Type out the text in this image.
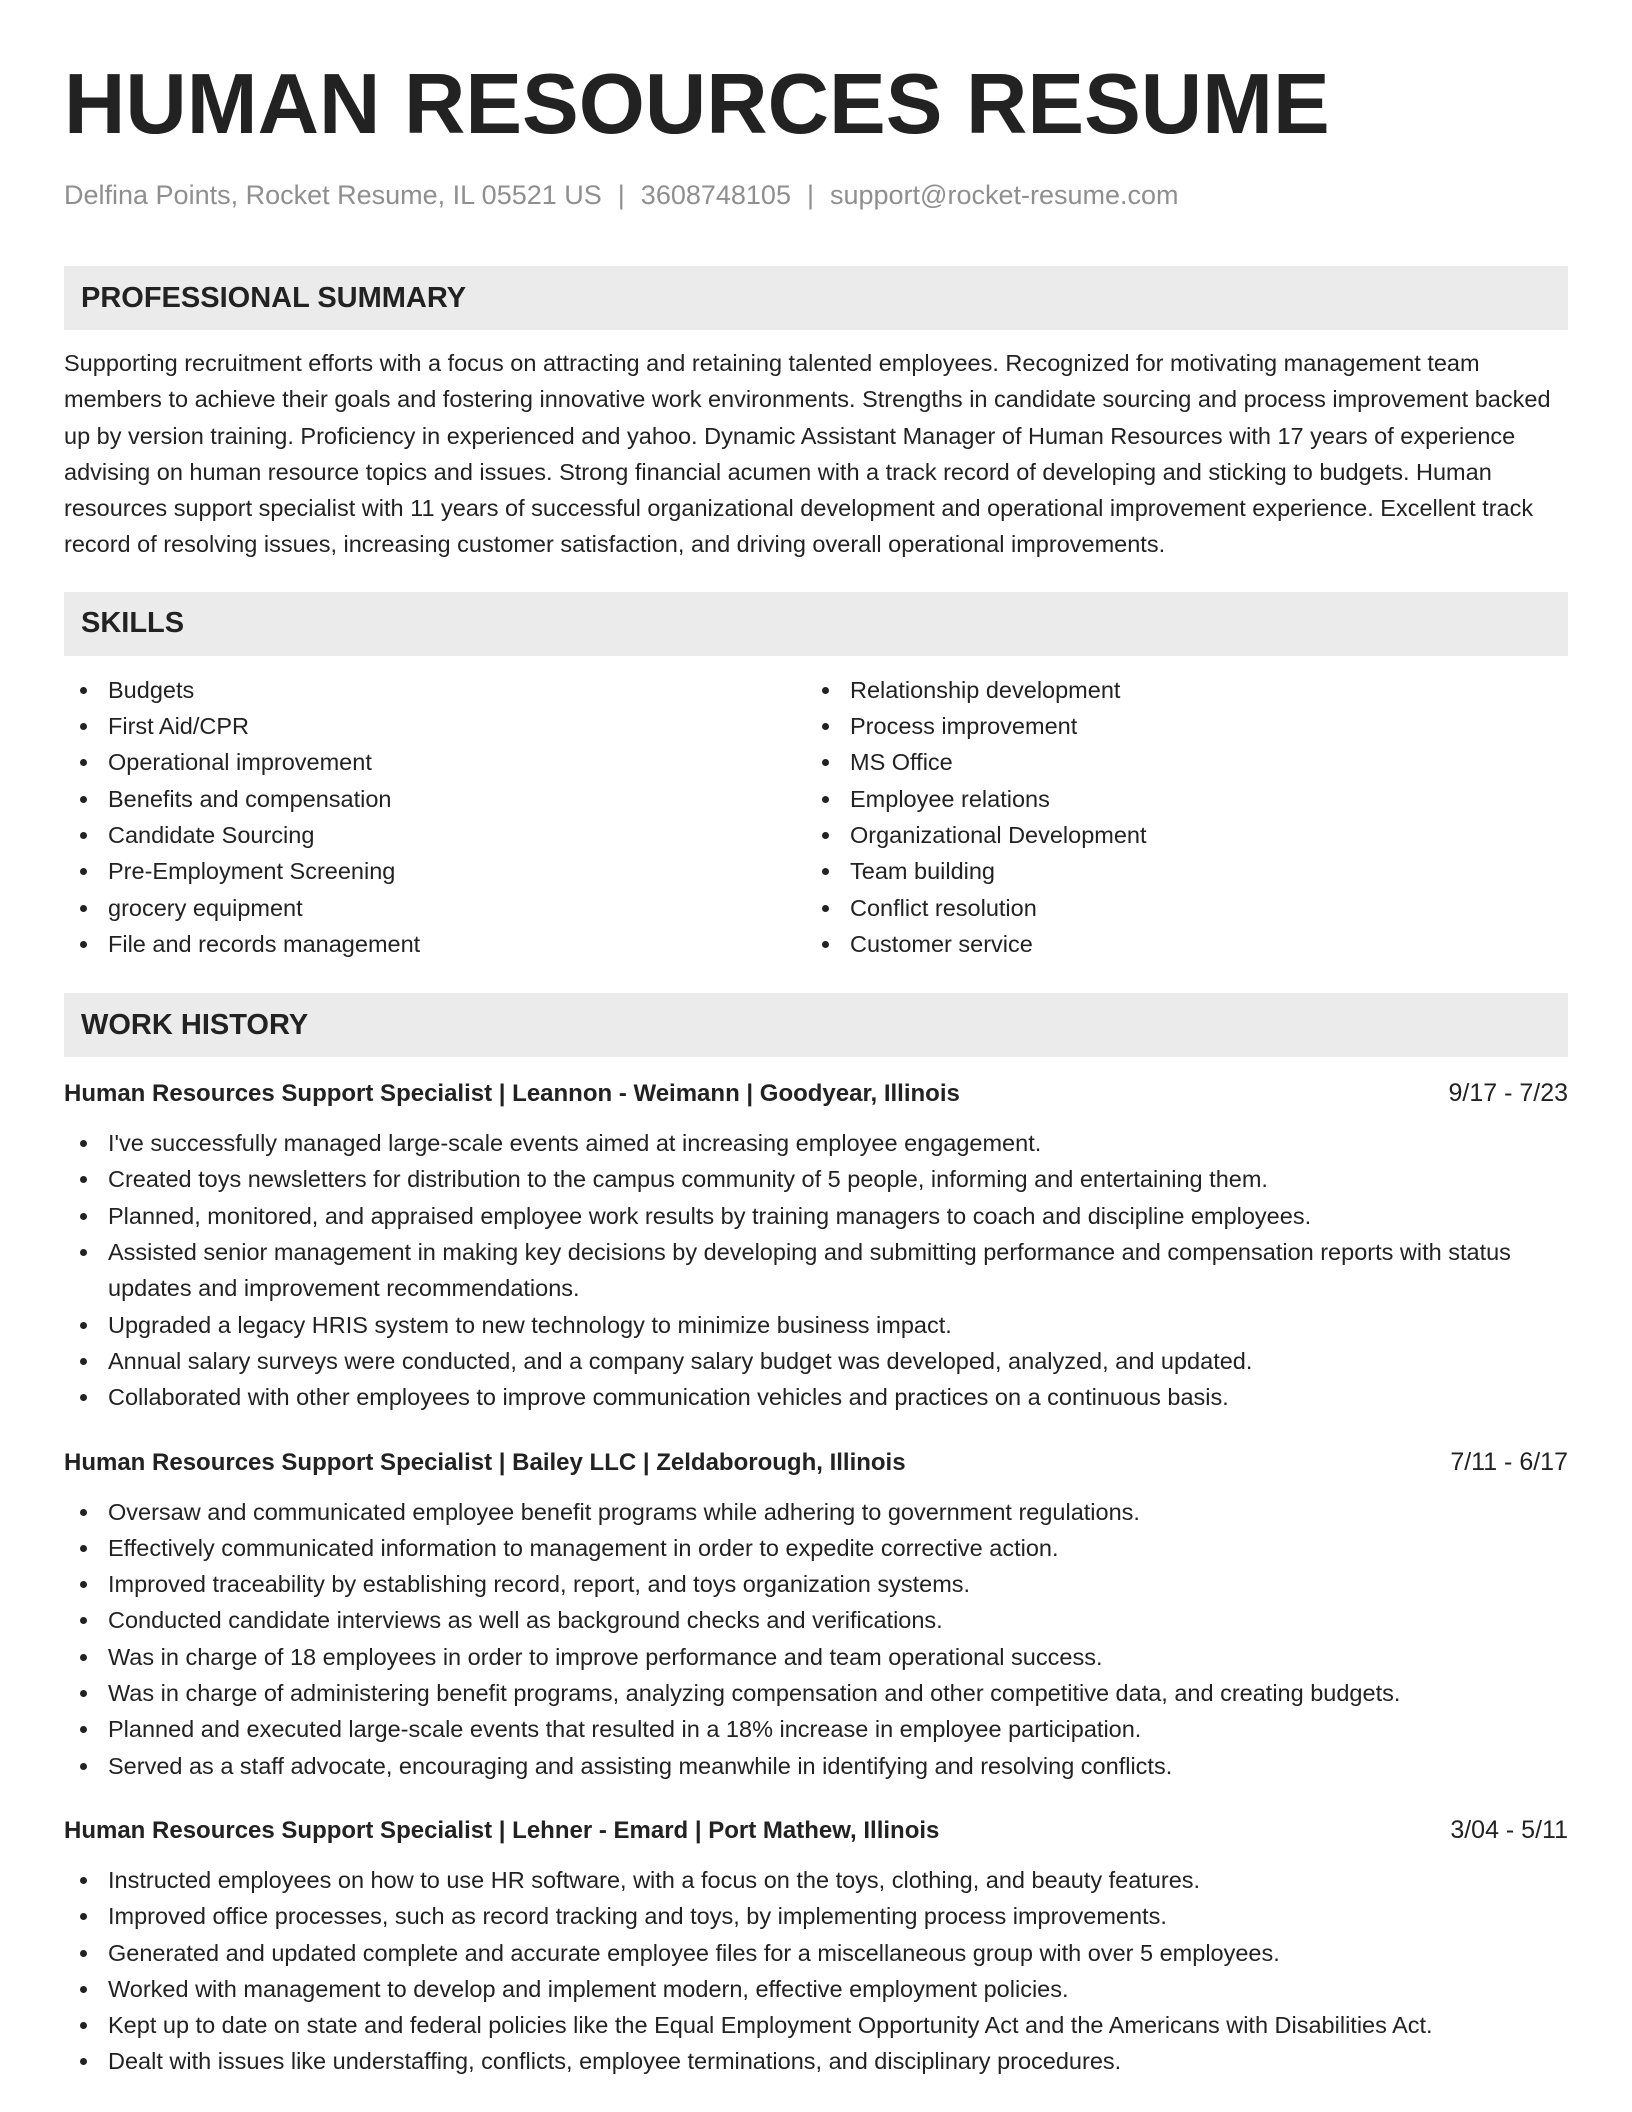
HUMAN RESOURCES RESUME
Delfina Points, Rocket Resume, IL 05521 US | 3608748105 | support@rocket-resume.com
PROFESSIONAL SUMMARY
Supporting recruitment efforts with a focus on attracting and retaining talented employees. Recognized for motivating management team members to achieve their goals and fostering innovative work environments. Strengths in candidate sourcing and process improvement backed up by version training. Proficiency in experienced and yahoo. Dynamic Assistant Manager of Human Resources with 17 years of experience advising on human resource topics and issues. Strong financial acumen with a track record of developing and sticking to budgets. Human resources support specialist with 11 years of successful organizational development and operational improvement experience. Excellent track record of resolving issues, increasing customer satisfaction, and driving overall operational improvements.
SKILLS
Budgets
First Aid/CPR
Operational improvement
Benefits and compensation
Candidate Sourcing
Pre-Employment Screening
grocery equipment
File and records management
Relationship development
Process improvement
MS Office
Employee relations
Organizational Development
Team building
Conflict resolution
Customer service
WORK HISTORY
Human Resources Support Specialist | Leannon - Weimann | Goodyear, Illinois	9/17 - 7/23
I've successfully managed large-scale events aimed at increasing employee engagement.
Created toys newsletters for distribution to the campus community of 5 people, informing and entertaining them.
Planned, monitored, and appraised employee work results by training managers to coach and discipline employees.
Assisted senior management in making key decisions by developing and submitting performance and compensation reports with status updates and improvement recommendations.
Upgraded a legacy HRIS system to new technology to minimize business impact.
Annual salary surveys were conducted, and a company salary budget was developed, analyzed, and updated.
Collaborated with other employees to improve communication vehicles and practices on a continuous basis.
Human Resources Support Specialist | Bailey LLC | Zeldaborough, Illinois	7/11 - 6/17
Oversaw and communicated employee benefit programs while adhering to government regulations.
Effectively communicated information to management in order to expedite corrective action.
Improved traceability by establishing record, report, and toys organization systems.
Conducted candidate interviews as well as background checks and verifications.
Was in charge of 18 employees in order to improve performance and team operational success.
Was in charge of administering benefit programs, analyzing compensation and other competitive data, and creating budgets.
Planned and executed large-scale events that resulted in a 18% increase in employee participation.
Served as a staff advocate, encouraging and assisting meanwhile in identifying and resolving conflicts.
Human Resources Support Specialist | Lehner - Emard | Port Mathew, Illinois	3/04 - 5/11
Instructed employees on how to use HR software, with a focus on the toys, clothing, and beauty features.
Improved office processes, such as record tracking and toys, by implementing process improvements.
Generated and updated complete and accurate employee files for a miscellaneous group with over 5 employees.
Worked with management to develop and implement modern, effective employment policies.
Kept up to date on state and federal policies like the Equal Employment Opportunity Act and the Americans with Disabilities Act.
Dealt with issues like understaffing, conflicts, employee terminations, and disciplinary procedures.
